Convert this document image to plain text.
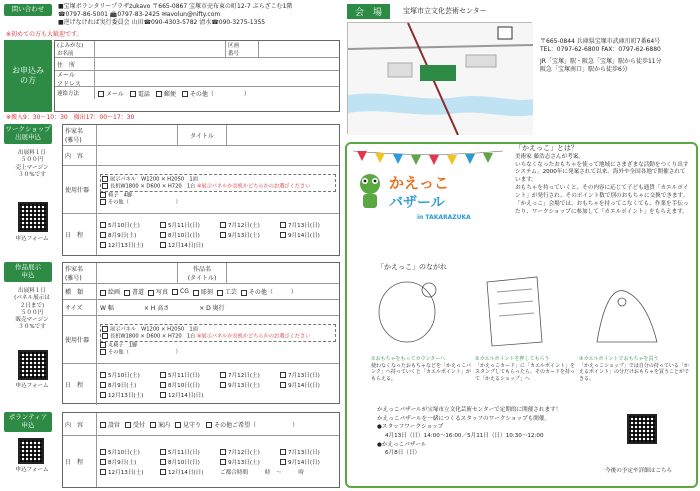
問い合わせ	■宝塚ボランタリープラザzukavo 〒665-0867 宝塚市売布東の町12-7 ぷらざこむ1階
☎0797-86-5001 📠0797-83-2425 ✉avolun@nifty.com
■逆げなければ実行委員会 山田☎090-4303-5782 清水☎090-3275-1355
※初めての方も大歓迎です。
お申込み
の方
(よみがな)
お名前
区画
番号
住　所
メール
アドレス
連絡方法	メール	電話	郵便	その他（　　　　　）
※搬入9：30～10：30　撤出17：00～17：30
ワークショップ
出展申込
出展料１日
５００円
売上マージン
３０%です
申込フォーム
作家名
(雅号)
タイトル
内　容
使用什器
展示パネル　W1200 × H2050　1面
長机W1800 × D600 × H720　1台 ※展示パネルか長机かどちらかのお選びください
椅子　4脚
その他（　　　　　　　　　）
日　程
5月10日(土)	5月11日(日)	7月12日(土)	7月13日(日)
8月9日(土)	8月10日(日)	9月13日(土)	9月14日(日)
12月13日(土)	12月14日(日)
作品展示
申込
出展料１日
(パネル展示は
２日まで)
５００円
販売マージン
３０%です
申込フォーム
作家名
(雅号)
作品名
(タイトル)
種　類	絵画	書道	写真	CG	彫刻	工芸	その他（　　　）
サイズ	W 幅　　　　　× H 高さ　　　　　× D 奥行
使用什器
展示パネル　W1200 × H2050　1面
長机W1800 × D600 × H720　1台 ※展示パネルか長机かどちらかのお選びください
丸椅子　1脚
その他（　　　　　　　　　）
日　程
5月10日(土)	5月11日(日)	7月12日(土)	7月13日(日)
8月9日(土)	8月10日(日)	9月13日(土)	9月14日(日)
12月13日(土)	12月14日(日)
ボランティア
申込
申込フォーム
内　容	設営	受付	案内	見守り	その他ご希望（　　　　　　）
日　程
5月10日(土)	5月11日(日)	7月12日(土)	7月13日(日)
8月9日(土)	8月10日(日)	9月13日(土)	9月14日(日)
12月13日(土)	12月14日(日)	ご都合時間　　　時　～　　　時
会　場	宝塚市立文化芸術センター
〒665-0844 兵庫県宝塚市武庫川町7番64号
TEL：0797-62-6800 FAX：0797-62-6880
JR「宝塚」駅・阪急「宝塚」駅から徒歩11分
阪急「宝塚南口」駅から徒歩6分
かえっこ
バザール
in TAKARAZUKA
「かえっこ」とは？
美術家 藤浩志さんが考案。
いらなくなったおもちゃを使って地域にさまざまな活動をつくり出すシステム。2000年に発案されて以来、海外や全国各地で開催されています。
おもちゃを持っていくと、その内容に応じて子ども通貨「カエルポイント」が発行され、そのポイント数で別のおもちゃに交換できます。
「かえっこ」会場では、おもちゃを持ってこなくても、作業を手伝ったり、ワークショップに参加して「カエルポイント」をもらえます。
「かえっこ」のながれ
①おもちゃをもってカウンターへ
使わなくなったおもちゃなどを「かえっこバンク」へ持っていくと「カエルポイント」がもらえる。
②カエルポイントを押してもらう
「かえっこカード」に「カエルポイント」をスタンプしてもらったら、そのカードを持って「かえるショップ」へ
③カエルポイントでおもちゃを買う
「かえっこショップ」では自分の持っている「かえるポイント」の分だけおもちゃを買うことができる。
かえっこバザールが宝塚市立文化芸術センターで定期的に開催されます！
かえっこバザールを一緒につくるスタッフのワークショップも開催。
●スタッフワークショップ
4月13日（日）14:00～16:00／5月11日（日）10:30～12:00
●かえっこバザール
6月8日（日）
今後の予定や詳細はこちら
